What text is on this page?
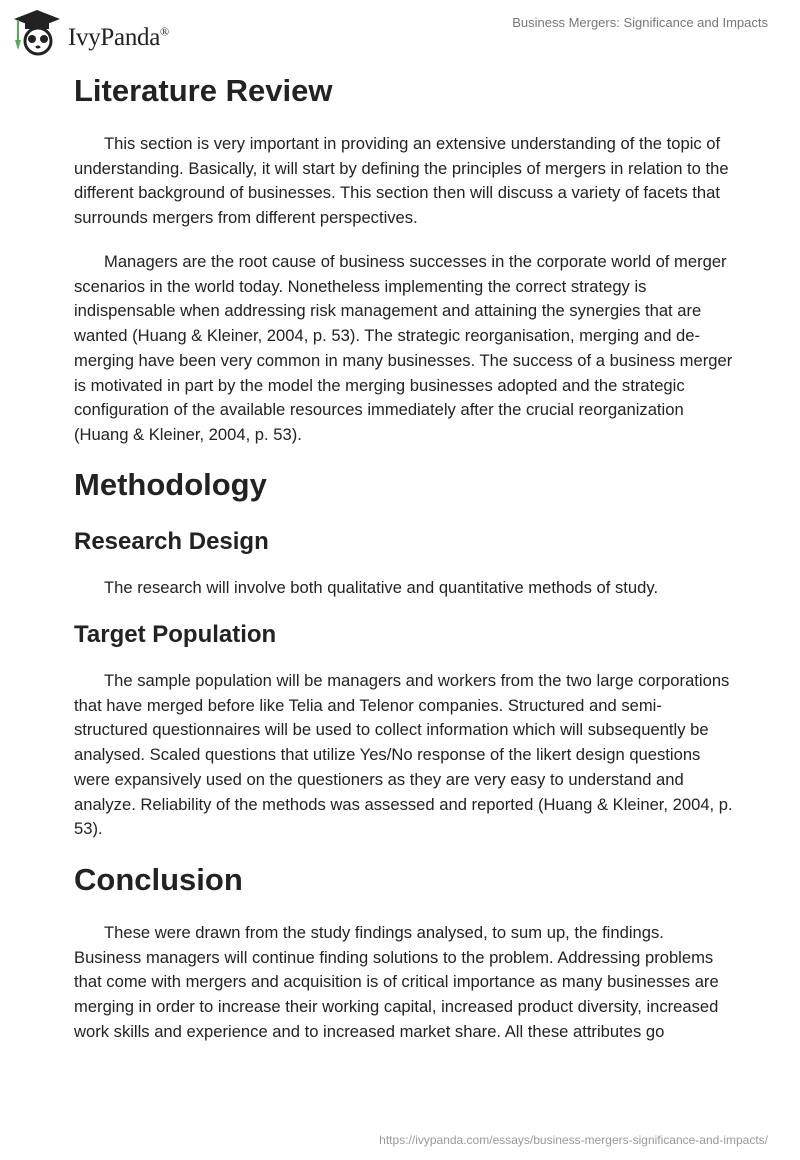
IvyPanda®
Business Mergers: Significance and Impacts
Literature Review

This section is very important in providing an extensive understanding of the topic of understanding. Basically, it will start by defining the principles of mergers in relation to the different background of businesses. This section then will discuss a variety of facets that surrounds mergers from different perspectives.

Managers are the root cause of business successes in the corporate world of merger scenarios in the world today. Nonetheless implementing the correct strategy is indispensable when addressing risk management and attaining the synergies that are wanted (Huang & Kleiner, 2004, p. 53). The strategic reorganisation, merging and de-merging have been very common in many businesses. The success of a business merger is motivated in part by the model the merging businesses adopted and the strategic configuration of the available resources immediately after the crucial reorganization (Huang & Kleiner, 2004, p. 53).

Methodology
Research Design

The research will involve both qualitative and quantitative methods of study.

Target Population

The sample population will be managers and workers from the two large corporations that have merged before like Telia and Telenor companies. Structured and semi-structured questionnaires will be used to collect information which will subsequently be analysed. Scaled questions that utilize Yes/No response of the likert design questions were expansively used on the questioners as they are very easy to understand and analyze. Reliability of the methods was assessed and reported (Huang & Kleiner, 2004, p. 53).

Conclusion

These were drawn from the study findings analysed, to sum up, the findings. Business managers will continue finding solutions to the problem. Addressing problems that come with mergers and acquisition is of critical importance as many businesses are merging in order to increase their working capital, increased product diversity, increased work skills and experience and to increased market share. All these attributes go

https://ivypanda.com/essays/business-mergers-significance-and-impacts/
